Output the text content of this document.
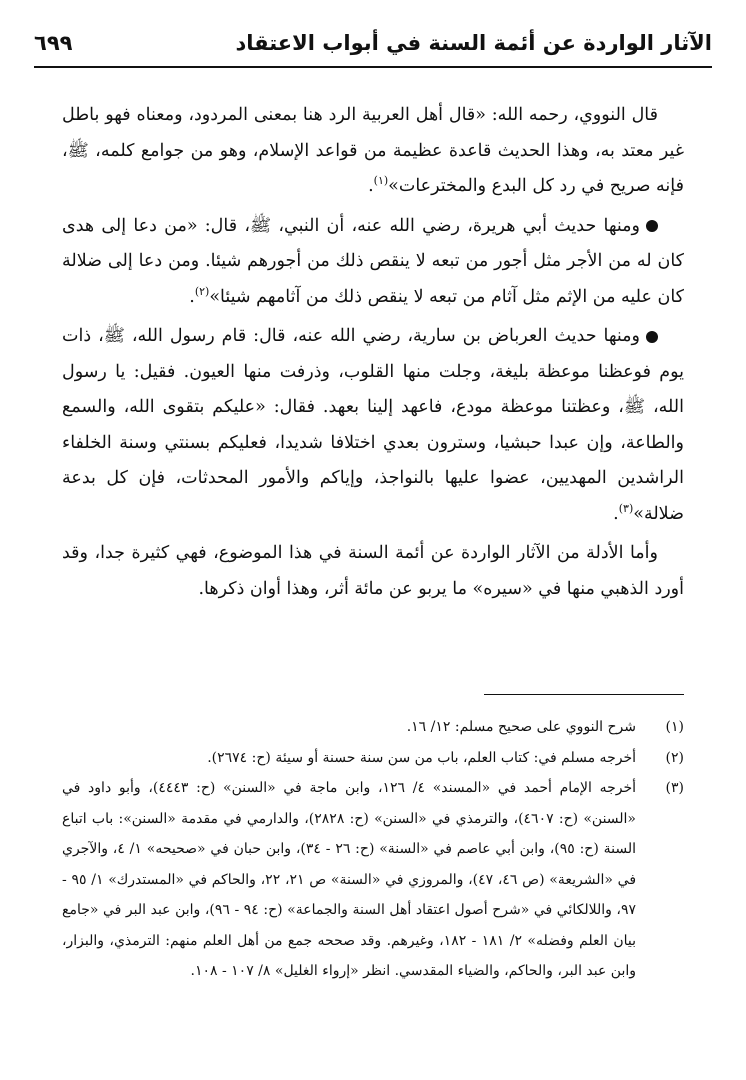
الآثار الواردة عن أئمة السنة في أبواب الاعتقاد
٦٩٩

قال النووي، رحمه الله: «قال أهل العربية الرد هنا بمعنى المردود، ومعناه فهو باطل غير معتد به، وهذا الحديث قاعدة عظيمة من قواعد الإسلام، وهو من جوامع كلمه، ﷺ، فإنه صريح في رد كل البدع والمخترعات»$^{(١)}$.

ومنها حديث أبي هريرة، رضي الله عنه، أن النبي، ﷺ، قال: «من دعا إلى هدى كان له من الأجر مثل أجور من تبعه لا ينقص ذلك من أجورهم شيئا. ومن دعا إلى ضلالة كان عليه من الإثم مثل آثام من تبعه لا ينقص ذلك من آثامهم شيئا»$^{(٢)}$.

ومنها حديث العرباض بن سارية، رضي الله عنه، قال: قام رسول الله، ﷺ، ذات يوم فوعظنا موعظة بليغة، وجلت منها القلوب، وذرفت منها العيون. فقيل: يا رسول الله، ﷺ، وعظتنا موعظة مودع، فاعهد إلينا بعهد. فقال: «عليكم بتقوى الله، والسمع والطاعة، وإن عبدا حبشيا، وسترون بعدي اختلافا شديدا، فعليكم بسنتي وسنة الخلفاء الراشدين المهديين، عضوا عليها بالنواجذ، وإياكم والأمور المحدثات، فإن كل بدعة ضلالة»$^{(٣)}$.

وأما الأدلة من الآثار الواردة عن أئمة السنة في هذا الموضوع، فهي كثيرة جدا، وقد أورد الذهبي منها في «سيره» ما يربو عن مائة أثر، وهذا أوان ذكرها.

(١)
شرح النووي على صحيح مسلم: ١٢/ ١٦.

(٢)
أخرجه مسلم في: كتاب العلم، باب من سن سنة حسنة أو سيئة (ح: ٢٦٧٤).

(٣)
أخرجه الإمام أحمد في «المسند» ٤/ ١٢٦، وابن ماجة في «السنن» (ح: ٤٤٤٣)، وأبو داود في «السنن» (ح: ٤٦٠٧)، والترمذي في «السنن» (ح: ٢٨٢٨)، والدارمي في مقدمة «السنن»: باب اتباع السنة (ح: ٩٥)، وابن أبي عاصم في «السنة» (ح: ٢٦ - ٣٤)، وابن حبان في «صحيحه» ١/ ٤، والآجري في «الشريعة» (ص ٤٦، ٤٧)، والمروزي في «السنة» ص ٢١، ٢٢، والحاكم في «المستدرك» ١/ ٩٥ - ٩٧، واللالكائي في «شرح أصول اعتقاد أهل السنة والجماعة» (ح: ٩٤ - ٩٦)، وابن عبد البر في «جامع بيان العلم وفضله» ٢/ ١٨١ - ١٨٢، وغيرهم. وقد صححه جمع من أهل العلم منهم: الترمذي، والبزار، وابن عبد البر، والحاكم، والضياء المقدسي. انظر «إرواء الغليل» ٨/ ١٠٧ - ١٠٨.
